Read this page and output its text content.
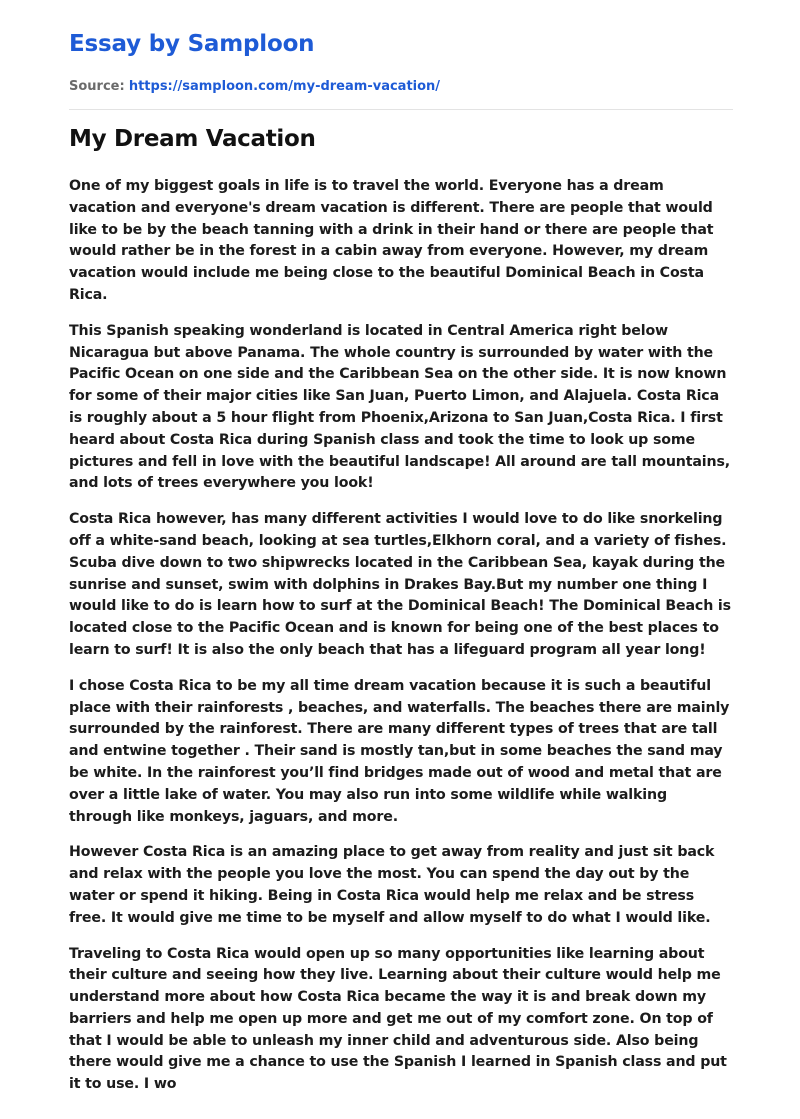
Essay by Samploon
Source: https://samploon.com/my-dream-vacation/
My Dream Vacation

One of my biggest goals in life is to travel the world. Everyone has a dream vacation and everyone's dream vacation is different. There are people that would like to be by the beach tanning with a drink in their hand or there are people that would rather be in the forest in a cabin away from everyone. However, my dream vacation would include me being close to the beautiful Dominical Beach in Costa Rica.

This Spanish speaking wonderland is located in Central America right below Nicaragua but above Panama. The whole country is surrounded by water with the Pacific Ocean on one side and the Caribbean Sea on the other side. It is now known for some of their major cities like San Juan, Puerto Limon, and Alajuela. Costa Rica is roughly about a 5 hour flight from Phoenix,Arizona to San Juan,Costa Rica. I first heard about Costa Rica during Spanish class and took the time to look up some pictures and fell in love with the beautiful landscape! All around are tall mountains, and lots of trees everywhere you look!

Costa Rica however, has many different activities I would love to do like snorkeling off a white-sand beach, looking at sea turtles,Elkhorn coral, and a variety of fishes. Scuba dive down to two shipwrecks located in the Caribbean Sea, kayak during the sunrise and sunset, swim with dolphins in Drakes Bay.But my number one thing I would like to do is learn how to surf at the Dominical Beach! The Dominical Beach is located close to the Pacific Ocean and is known for being one of the best places to learn to surf! It is also the only beach that has a lifeguard program all year long!

I chose Costa Rica to be my all time dream vacation because it is such a beautiful place with their rainforests , beaches, and waterfalls. The beaches there are mainly surrounded by the rainforest. There are many different types of trees that are tall and entwine together . Their sand is mostly tan,but in some beaches the sand may be white. In the rainforest you’ll find bridges made out of wood and metal that are over a little lake of water. You may also run into some wildlife while walking through like monkeys, jaguars, and more.

However Costa Rica is an amazing place to get away from reality and just sit back and relax with the people you love the most. You can spend the day out by the water or spend it hiking. Being in Costa Rica would help me relax and be stress free. It would give me time to be myself and allow myself to do what I would like.

Traveling to Costa Rica would open up so many opportunities like learning about their culture and seeing how they live. Learning about their culture would help me understand more about how Costa Rica became the way it is and break down my barriers and help me open up more and get me out of my comfort zone. On top of that I would be able to unleash my inner child and adventurous side. Also being there would give me a chance to use the Spanish I learned in Spanish class and put it to use. I wo
